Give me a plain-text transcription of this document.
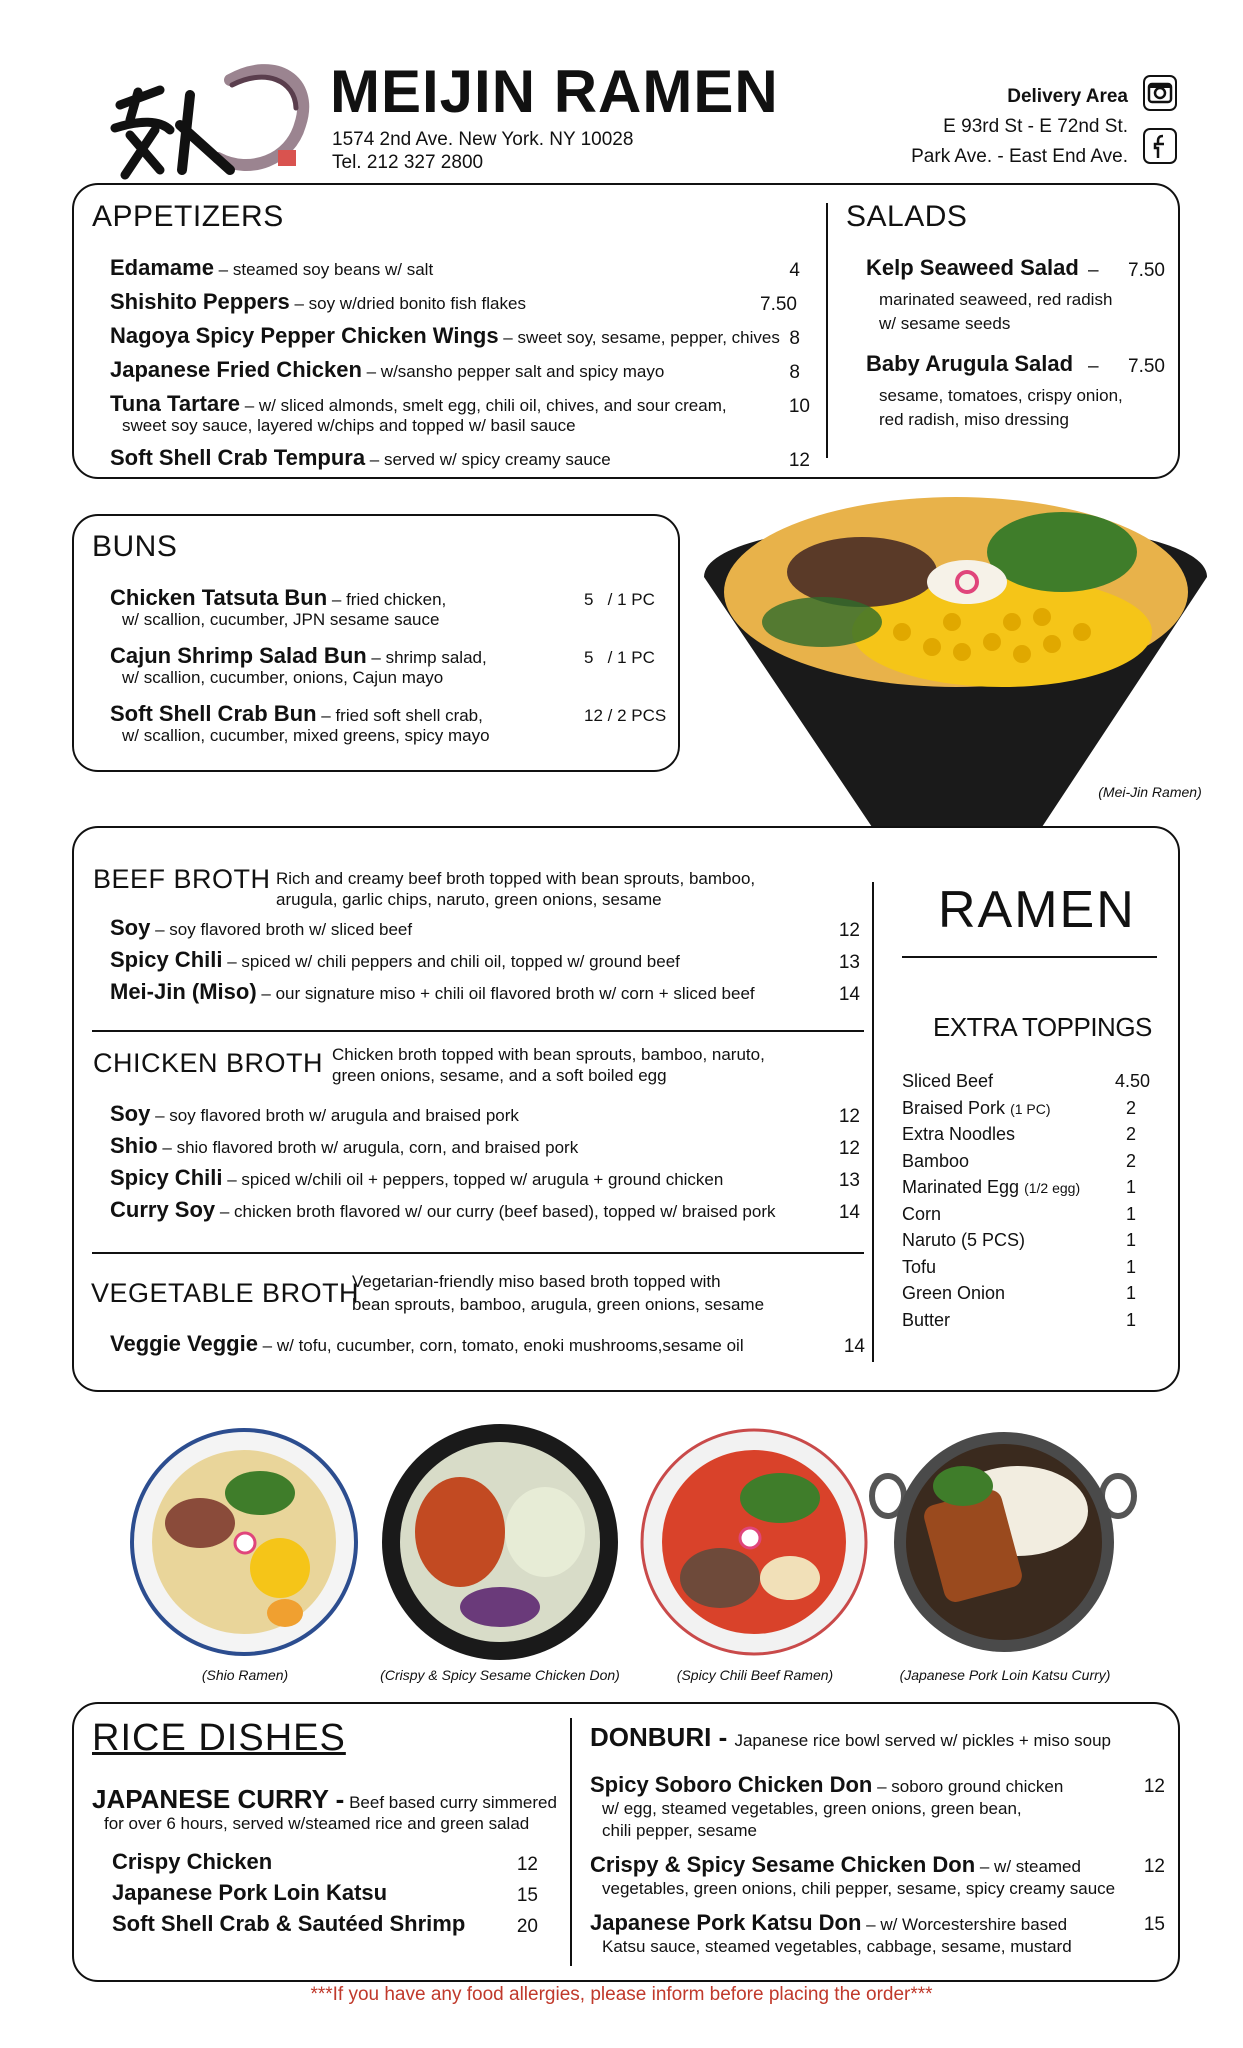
MEIJIN RAMEN
1574 2nd Ave. New York. NY 10028
Tel. 212 327 2800
Delivery Area
E 93rd St - E 72nd St.
Park Ave. - East End Ave.
APPETIZERS	SALADS
Edamame – steamed soy beans w/ salt	4
Shishito Peppers – soy w/dried bonito fish flakes	7.50
Nagoya Spicy Pepper Chicken Wings – sweet soy, sesame, pepper, chives 8
Japanese Fried Chicken – w/sansho pepper salt and spicy mayo	8
Tuna Tartare – w/ sliced almonds, smelt egg, chili oil, chives, and sour cream,
sweet soy sauce, layered w/chips and topped w/ basil sauce
10
Soft Shell Crab Tempura – served w/ spicy creamy sauce	12
Kelp Seaweed Salad –	7.50
marinated seaweed, red radish
w/ sesame seeds
Baby Arugula Salad –	7.50
sesame, tomatoes, crispy onion,
red radish, miso dressing
BUNS
Chicken Tatsuta Bun – fried chicken,
w/ scallion, cucumber, JPN sesame sauce
5   / 1 PC
Cajun Shrimp Salad Bun – shrimp salad,
w/ scallion, cucumber, onions, Cajun mayo
5   / 1 PC
Soft Shell Crab Bun – fried soft shell crab,
w/ scallion, cucumber, mixed greens, spicy mayo
12 / 2 PCS
(Mei-Jin Ramen)
BEEF BROTH Rich and creamy beef broth topped with bean sprouts, bamboo,
arugula, garlic chips, naruto, green onions, sesame
Soy – soy flavored broth w/ sliced beef	12
Spicy Chili – spiced w/ chili peppers and chili oil, topped w/ ground beef	13
Mei-Jin (Miso) – our signature miso + chili oil flavored broth w/ corn + sliced beef	14
CHICKEN BROTH Chicken broth topped with bean sprouts, bamboo, naruto,
green onions, sesame, and a soft boiled egg
Soy – soy flavored broth w/ arugula and braised pork	12
Shio – shio flavored broth w/ arugula, corn, and braised pork	12
Spicy Chili – spiced w/chili oil + peppers, topped w/ arugula + ground chicken	13
Curry Soy – chicken broth flavored w/ our curry (beef based), topped w/ braised pork	14
VEGETABLE BROTH
Vegetarian-friendly miso based broth topped with
bean sprouts, bamboo, arugula, green onions, sesame
Veggie Veggie – w/ tofu, cucumber, corn, tomato, enoki mushrooms,sesame oil	14
RAMEN
EXTRA TOPPINGS
Sliced Beef	4.50
Braised Pork (1 PC)	2
Extra Noodles	2
Bamboo	2
Marinated Egg (1/2 egg)	1
Corn	1
Naruto (5 PCS)	1
Tofu	1
Green Onion	1
Butter	1
(Shio Ramen)	(Crispy & Spicy Sesame Chicken Don)	(Spicy Chili Beef Ramen)	(Japanese Pork Loin Katsu Curry)
RICE DISHES
JAPANESE CURRY - Beef based curry simmered
for over 6 hours, served w/steamed rice and green salad
Crispy Chicken	12
Japanese Pork Loin Katsu	15
Soft Shell Crab & Sautéed Shrimp	20
DONBURI - Japanese rice bowl served w/ pickles + miso soup
Spicy Soboro Chicken Don – soboro ground chicken
w/ egg, steamed vegetables, green onions, green bean,
chili pepper, sesame
12
Crispy & Spicy Sesame Chicken Don – w/ steamed
vegetables, green onions, chili pepper, sesame, spicy creamy sauce
12
Japanese Pork Katsu Don – w/ Worcestershire based
Katsu sauce, steamed vegetables, cabbage, sesame, mustard
15
***If you have any food allergies, please inform before placing the order***
